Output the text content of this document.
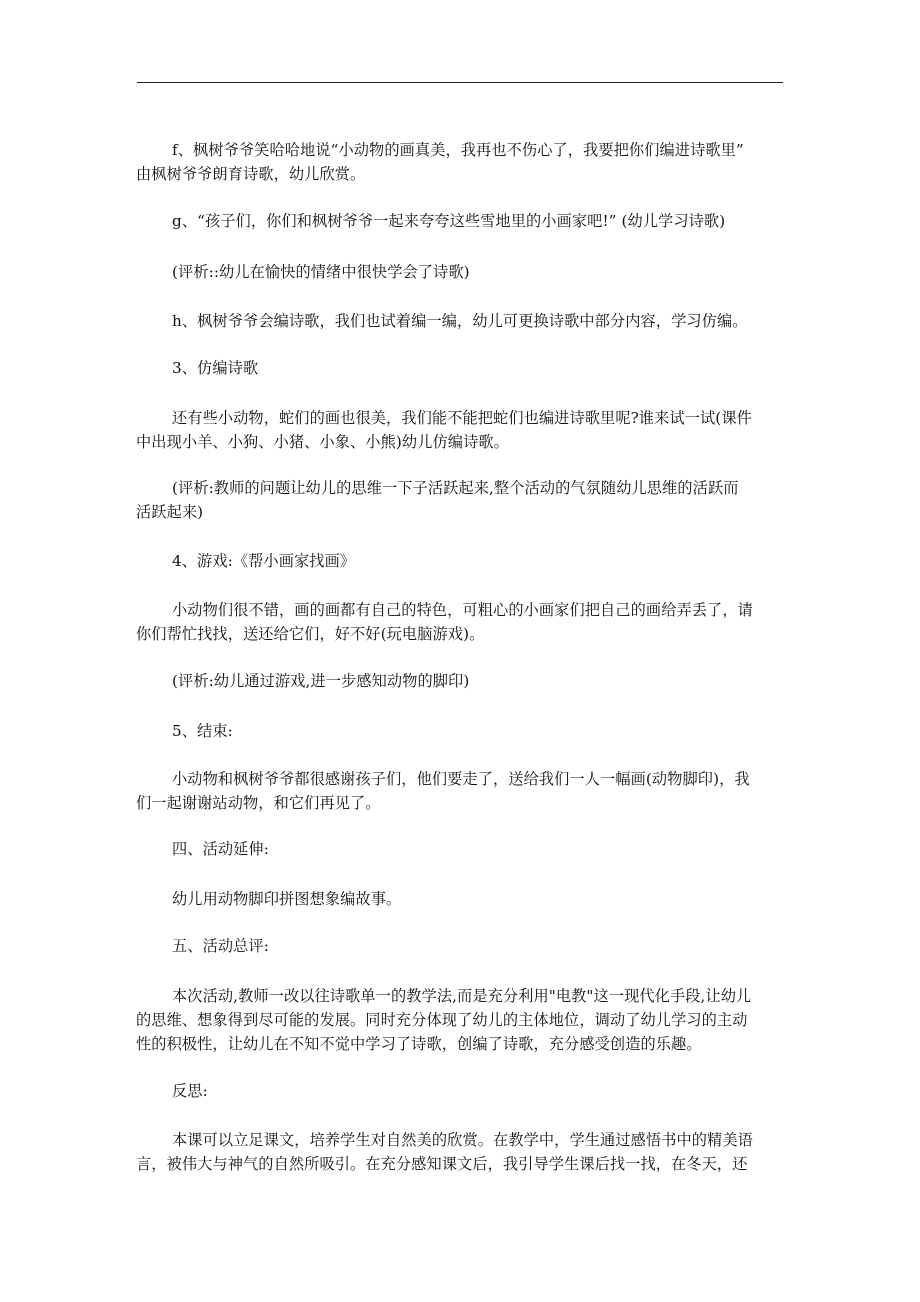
f、枫树爷爷笑哈哈地说“小动物的画真美，我再也不伤心了，我要把你们编进诗歌里”

由枫树爷爷朗育诗歌，幼儿欣赏。

g、“孩子们，你们和枫树爷爷一起来夸夸这些雪地里的小画家吧!” (幼儿学习诗歌)

(评析::幼儿在愉快的情绪中很快学会了诗歌)

h、枫树爷爷会编诗歌，我们也试着编一编，幼儿可更换诗歌中部分内容，学习仿编。

3、仿编诗歌

还有些小动物，蛇们的画也很美，我们能不能把蛇们也编进诗歌里呢?谁来试一试(课件

中出现小羊、小狗、小猪、小象、小熊)幼儿仿编诗歌。

(评析:教师的问题让幼儿的思维一下子活跃起来,整个活动的气氛随幼儿思维的活跃而

活跃起来)

4、游戏:《帮小画家找画》

小动物们很不错，画的画都有自己的特色，可粗心的小画家们把自己的画给弄丢了，请

你们帮忙找找，送还给它们，好不好(玩电脑游戏)。

(评析:幼儿通过游戏,进一步感知动物的脚印)

5、结束:

小动物和枫树爷爷都很感谢孩子们，他们要走了，送给我们一人一幅画(动物脚印)，我

们一起谢谢站动物，和它们再见了。

四、活动延伸:

幼儿用动物脚印拼图想象编故事。

五、活动总评:

本次活动,教师一改以往诗歌单一的教学法,而是充分利用"电教"这一现代化手段,让幼儿

的思维、想象得到尽可能的发展。同时充分体现了幼儿的主体地位，调动了幼儿学习的主动

性的积极性，让幼儿在不知不觉中学习了诗歌，创编了诗歌，充分感受创造的乐趣。

反思:

本课可以立足课文，培养学生对自然美的欣赏。在教学中，学生通过感悟书中的精美语

言，被伟大与神气的自然所吸引。在充分感知课文后，我引导学生课后找一找，在冬天，还
